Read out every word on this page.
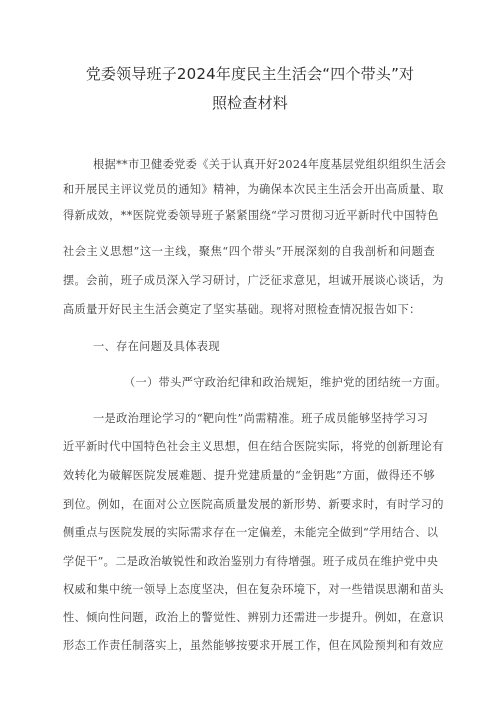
党委领导班子2024年度民主生活会“四个带头”对
照检查材料
根据**市卫健委党委《关于认真开好2024年度基层党组织组织生活会
和开展民主评议党员的通知》精神，为确保本次民主生活会开出高质量、取
得新成效，**医院党委领导班子紧紧围绕“学习贯彻习近平新时代中国特色
社会主义思想”这一主线，聚焦“四个带头”开展深刻的自我剖析和问题查
摆。会前，班子成员深入学习研讨，广泛征求意见，坦诚开展谈心谈话，为
高质量开好民主生活会奠定了坚实基础。现将对照检查情况报告如下：
一、存在问题及具体表现
（一）带头严守政治纪律和政治规矩，维护党的团结统一方面。
一是政治理论学习的“靶向性”尚需精准。班子成员能够坚持学习习
近平新时代中国特色社会主义思想，但在结合医院实际，将党的创新理论有
效转化为破解医院发展难题、提升党建质量的“金钥匙”方面，做得还不够
到位。例如，在面对公立医院高质量发展的新形势、新要求时，有时学习的
侧重点与医院发展的实际需求存在一定偏差，未能完全做到“学用结合、以
学促干”。二是政治敏锐性和政治鉴别力有待增强。班子成员在维护党中央
权威和集中统一领导上态度坚决，但在复杂环境下，对一些错误思潮和苗头
性、倾向性问题，政治上的警觉性、辨别力还需进一步提升。例如，在意识
形态工作责任制落实上，虽然能够按要求开展工作，但在风险预判和有效应
